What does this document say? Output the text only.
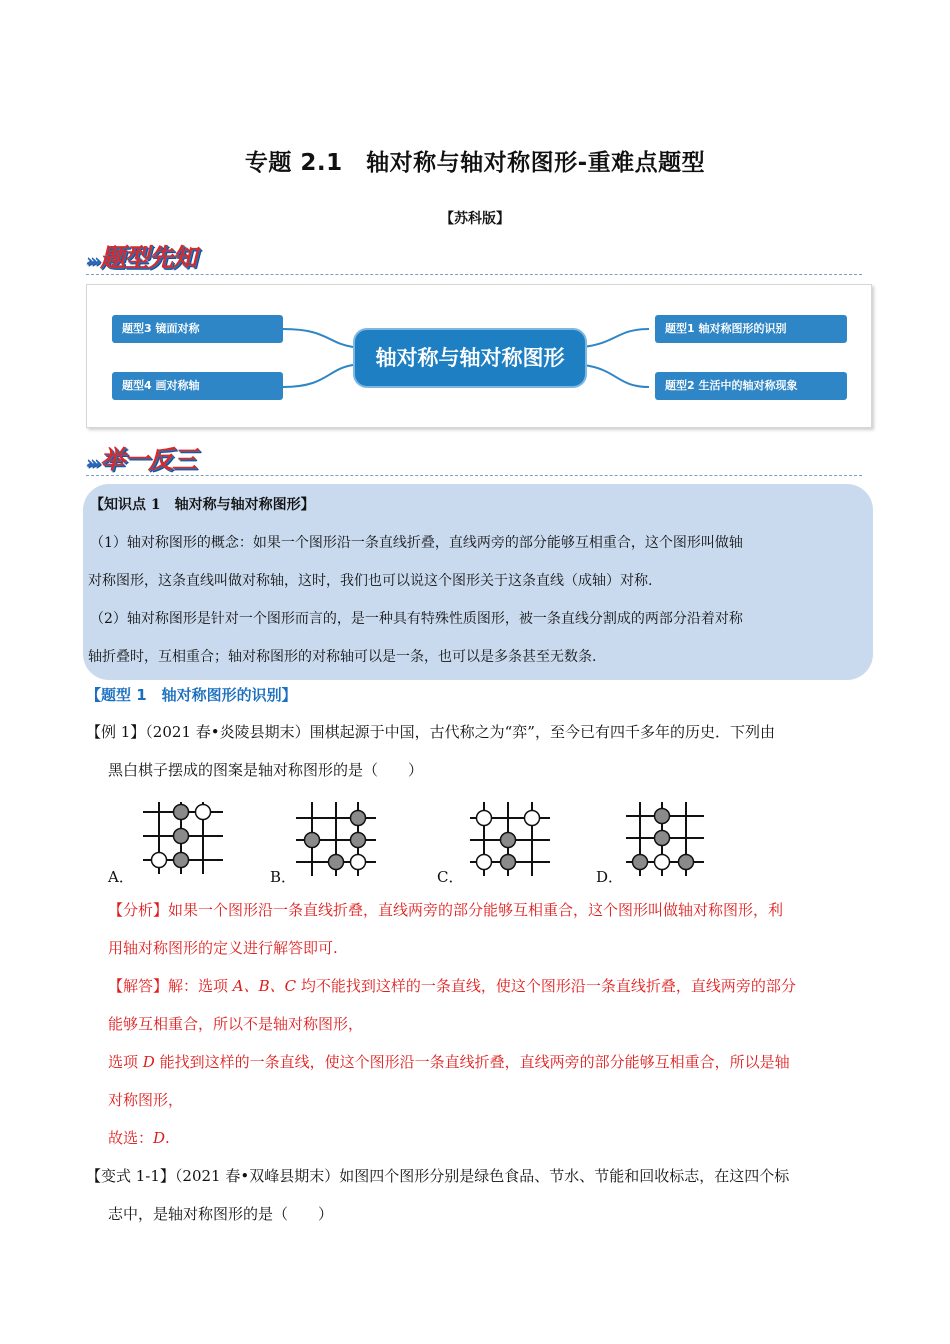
专题 2.1　轴对称与轴对称图形-重难点题型
【苏科版】
›››题型先知
题型3 镜面对称
题型4 画对称轴
轴对称与轴对称图形
题型1 轴对称图形的识别
题型2 生活中的轴对称现象
›››举一反三
【知识点 1　轴对称与轴对称图形】
（1）轴对称图形的概念：如果一个图形沿一条直线折叠，直线两旁的部分能够互相重合，这个图形叫做轴
对称图形，这条直线叫做对称轴，这时，我们也可以说这个图形关于这条直线（成轴）对称.
（2）轴对称图形是针对一个图形而言的，是一种具有特殊性质图形，被一条直线分割成的两部分沿着对称
轴折叠时，互相重合；轴对称图形的对称轴可以是一条，也可以是多条甚至无数条.
【题型 1　轴对称图形的识别】
【例 1】（2021 春•炎陵县期末）围棋起源于中国，古代称之为“弈”，至今已有四千多年的历史．下列由
黑白棋子摆成的图案是轴对称图形的是（　　）
A．	B．	C．	D．
【分析】如果一个图形沿一条直线折叠，直线两旁的部分能够互相重合，这个图形叫做轴对称图形，利
用轴对称图形的定义进行解答即可.
【解答】解：选项 A、B、C 均不能找到这样的一条直线，使这个图形沿一条直线折叠，直线两旁的部分
能够互相重合，所以不是轴对称图形，
选项 D 能找到这样的一条直线，使这个图形沿一条直线折叠，直线两旁的部分能够互相重合，所以是轴
对称图形，
故选：D.
【变式 1-1】（2021 春•双峰县期末）如图四个图形分别是绿色食品、节水、节能和回收标志，在这四个标
志中，是轴对称图形的是（　　）
